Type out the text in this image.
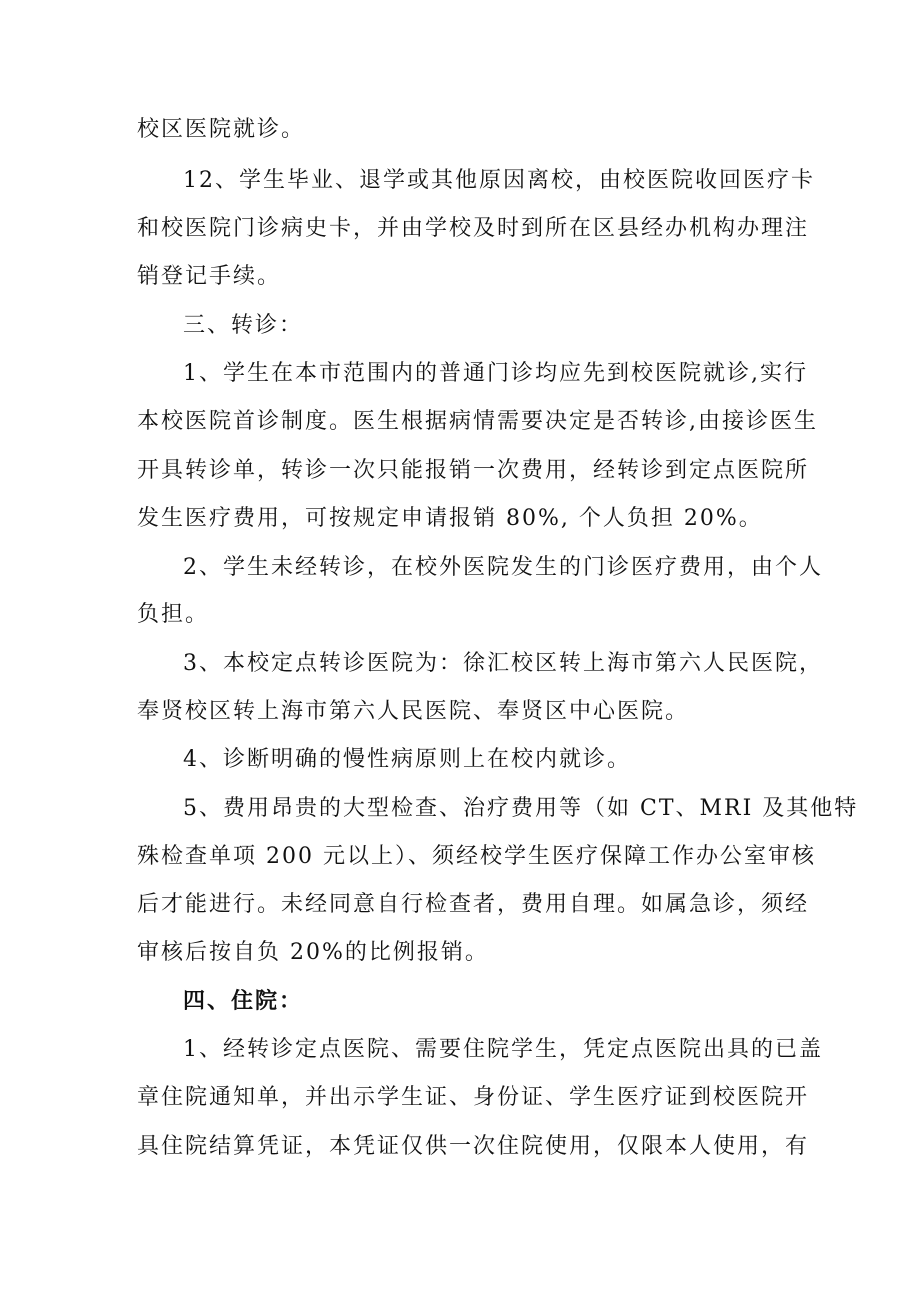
校区医院就诊。
12、学生毕业、退学或其他原因离校，由校医院收回医疗卡
和校医院门诊病史卡，并由学校及时到所在区县经办机构办理注
销登记手续。
三、转诊：
1、学生在本市范围内的普通门诊均应先到校医院就诊,实行
本校医院首诊制度。医生根据病情需要决定是否转诊,由接诊医生
开具转诊单，转诊一次只能报销一次费用，经转诊到定点医院所
发生医疗费用，可按规定申请报销 80%, 个人负担 20%。
2、学生未经转诊，在校外医院发生的门诊医疗费用，由个人
负担。
3、本校定点转诊医院为：徐汇校区转上海市第六人民医院，
奉贤校区转上海市第六人民医院、奉贤区中心医院。
4、诊断明确的慢性病原则上在校内就诊。
5、费用昂贵的大型检查、治疗费用等（如 CT、MRI 及其他特
殊检查单项 200 元以上）、须经校学生医疗保障工作办公室审核
后才能进行。未经同意自行检查者，费用自理。如属急诊，须经
审核后按自负 20%的比例报销。
四、住院：
1、经转诊定点医院、需要住院学生，凭定点医院出具的已盖
章住院通知单，并出示学生证、身份证、学生医疗证到校医院开
具住院结算凭证，本凭证仅供一次住院使用，仅限本人使用，有
